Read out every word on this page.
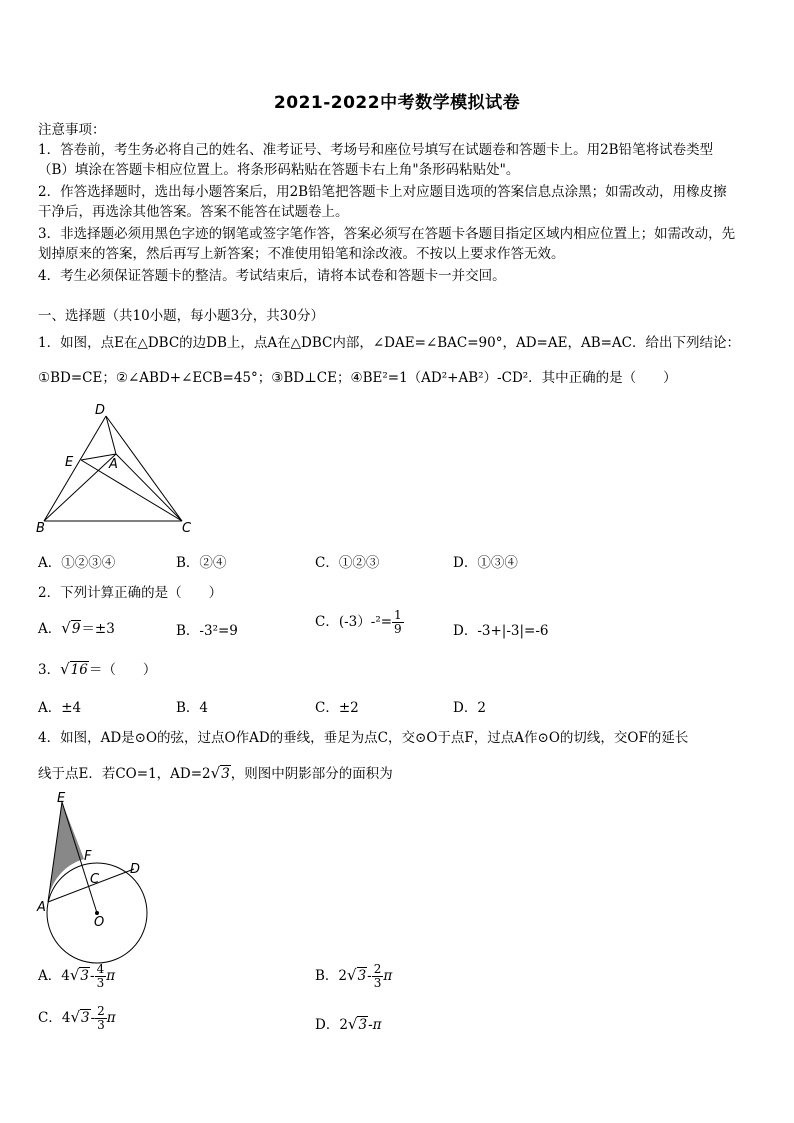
2021-2022中考数学模拟试卷
注意事项：
1．答卷前，考生务必将自己的姓名、准考证号、考场号和座位号填写在试题卷和答题卡上。用2B铅笔将试卷类型
（B）填涂在答题卡相应位置上。将条形码粘贴在答题卡右上角"条形码粘贴处"。
2．作答选择题时，选出每小题答案后，用2B铅笔把答题卡上对应题目选项的答案信息点涂黑；如需改动，用橡皮擦
干净后，再选涂其他答案。答案不能答在试题卷上。
3．非选择题必须用黑色字迹的钢笔或签字笔作答，答案必须写在答题卡各题目指定区域内相应位置上；如需改动，先
划掉原来的答案，然后再写上新答案；不准使用铅笔和涂改液。不按以上要求作答无效。
4．考生必须保证答题卡的整洁。考试结束后，请将本试卷和答题卡一并交回。
一、选择题（共10小题，每小题3分，共30分）
1．如图，点E在△DBC的边DB上，点A在△DBC内部，∠DAE=∠BAC=90°，AD=AE，AB=AC．给出下列结论：
①BD=CE；②∠ABD+∠ECB=45°；③BD⊥CE；④BE²=1（AD²+AB²）-CD²．其中正确的是（　　）
D
E	A
B	C
A．①②③④	B．②④	C．①②③	D．①③④
2．下列计算正确的是（　　）
A．√9＝±3	B．-3²=9
C．$(-3)-^2= \frac{1}{9}$	D．-3+|-3|=-6
3．√16＝（　　）
A．±4	B．4	C．±2	D．2
4．如图，AD是⊙O的弦，过点O作AD的垂线，垂足为点C，交⊙O于点F，过点A作⊙O的切线，交OF的延长
线于点E．若CO=1，AD=2√3，则图中阴影部分的面积为
E
F
D
C
A
O
A．$4√3- \frac{4}{3}$ π	B．$2√3- \frac{2}{3}$ π
C．$4√3- \frac{2}{3}$ π	D．2√3-π
